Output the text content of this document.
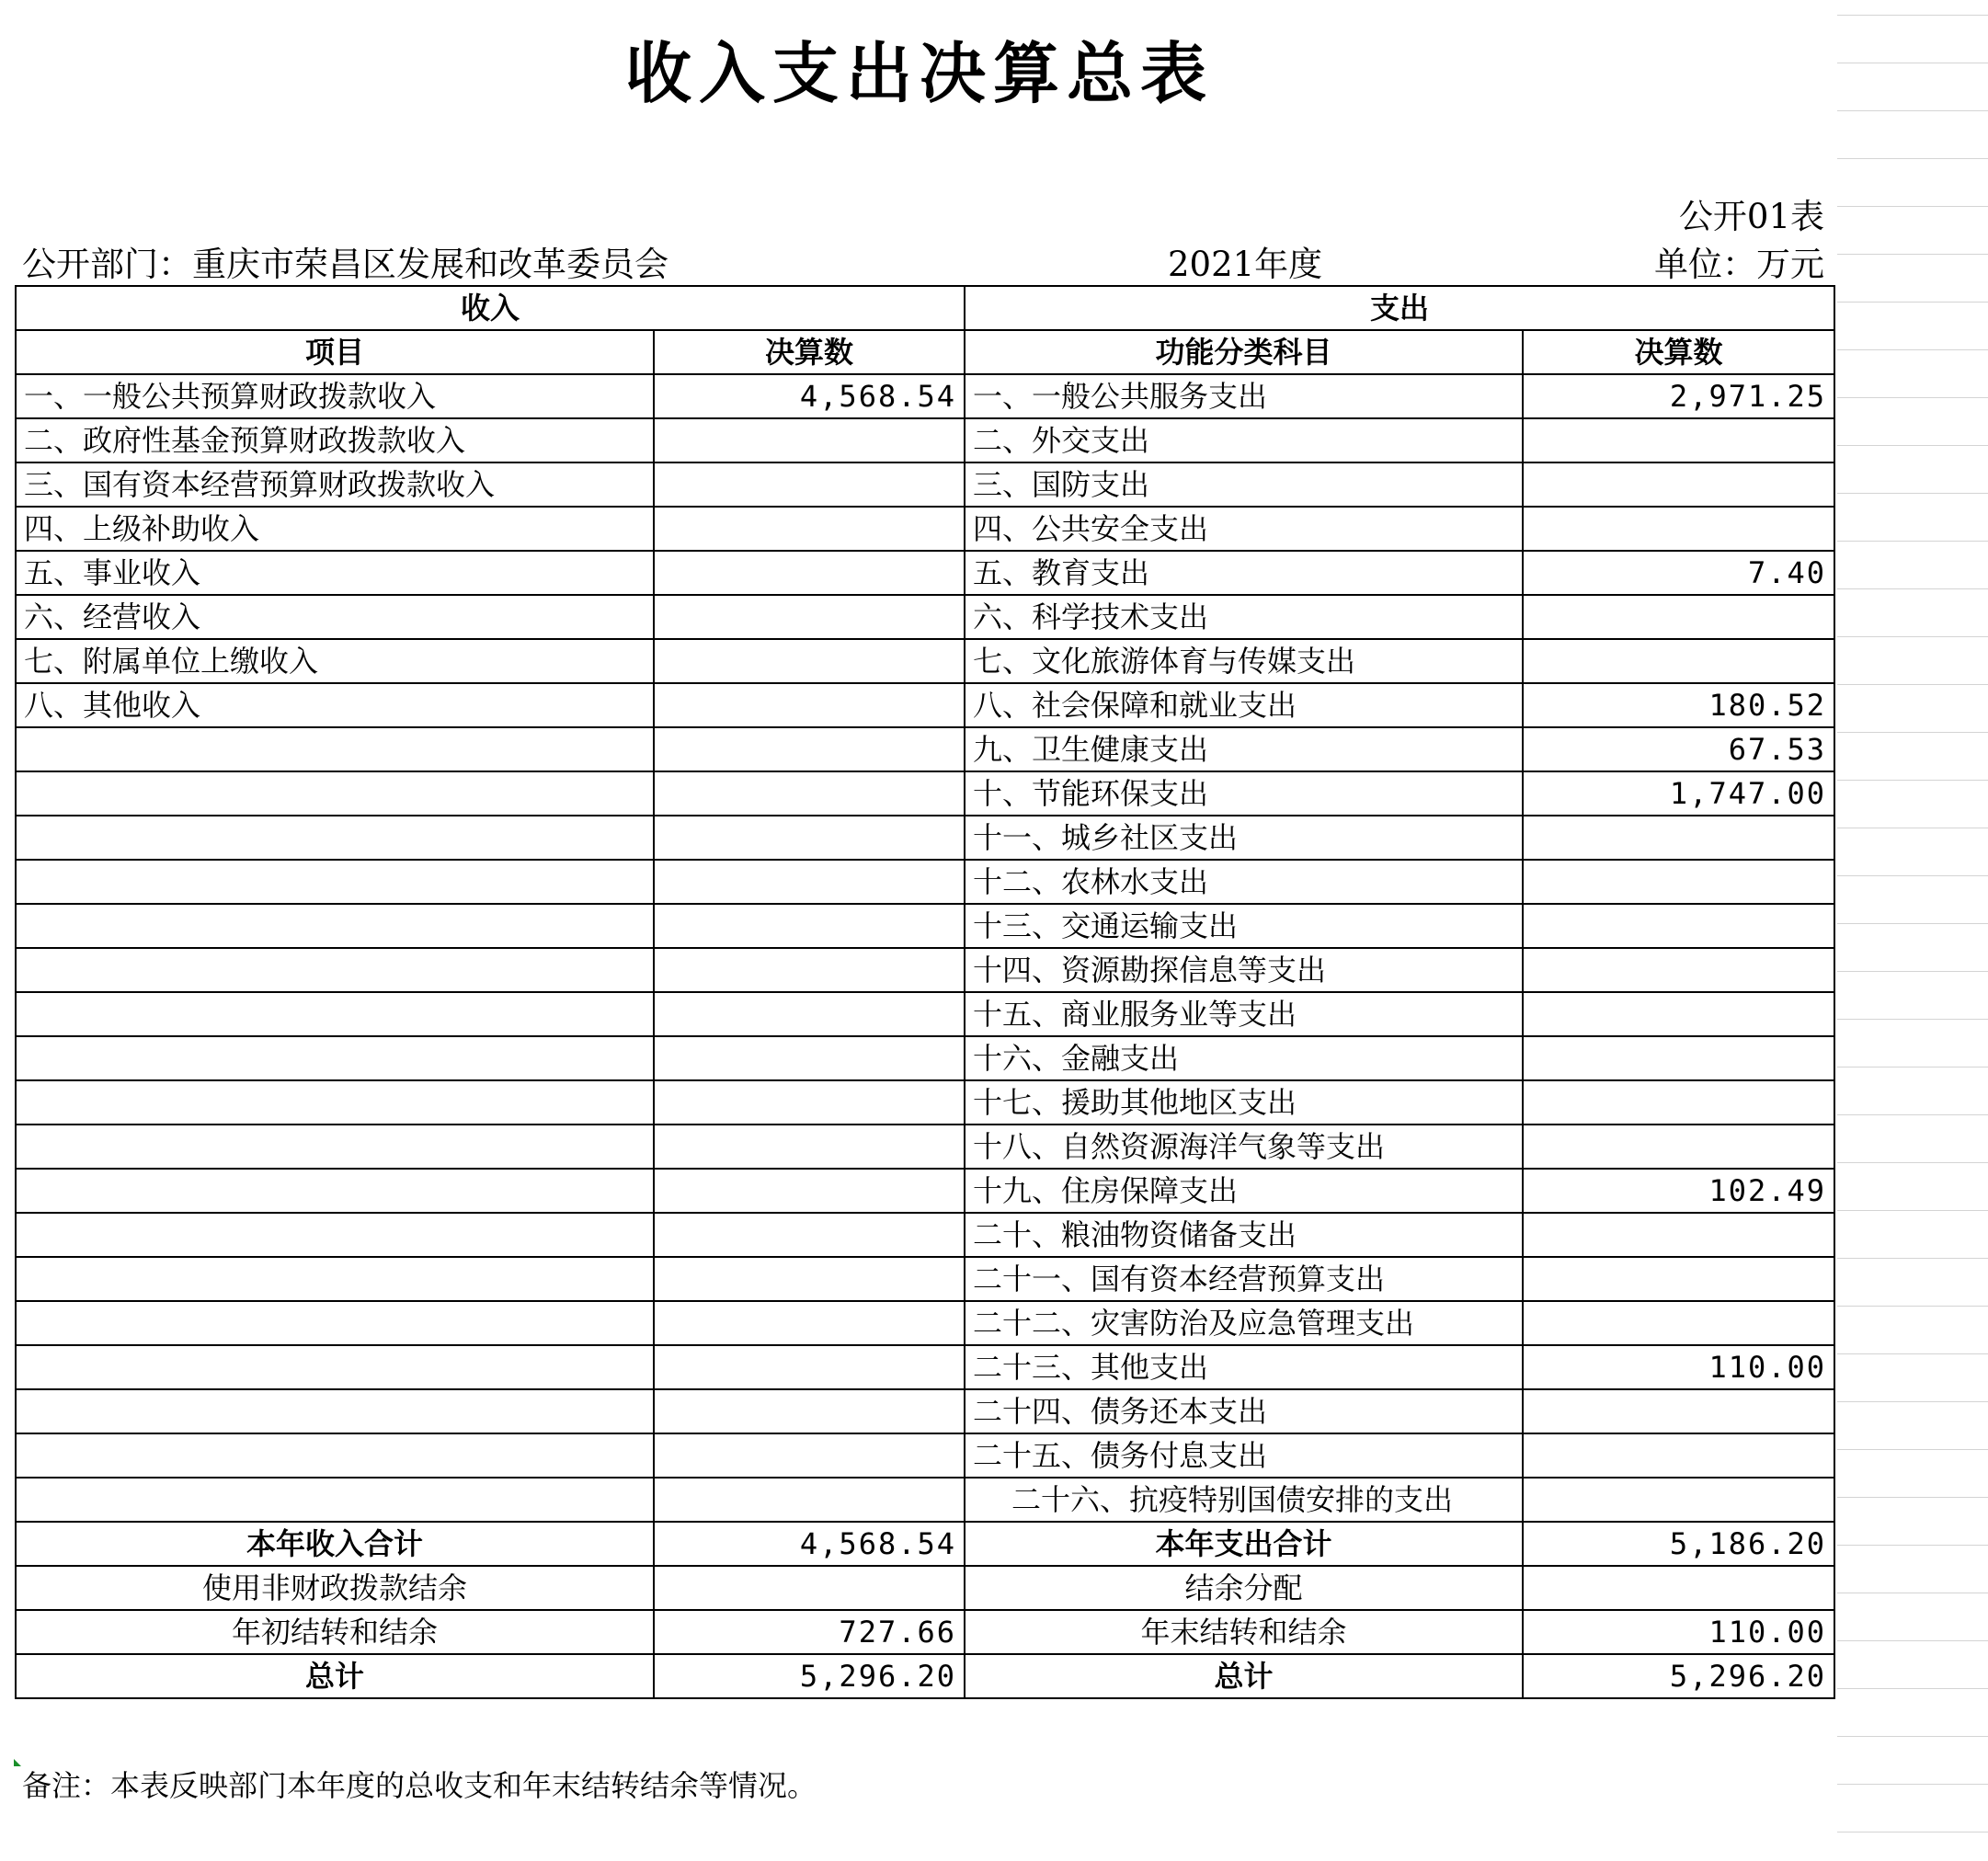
收入支出决算总表
公开01表
公开部门：重庆市荣昌区发展和改革委员会	2021年度	单位：万元
收入		支出	
项目	决算数	功能分类科目	决算数
一、一般公共预算财政拨款收入	4,568.54	一、一般公共服务支出	2,971.25
二、政府性基金预算财政拨款收入		二、外交支出	
三、国有资本经营预算财政拨款收入		三、国防支出	
四、上级补助收入		四、公共安全支出	
五、事业收入		五、教育支出	7.40
六、经营收入		六、科学技术支出	
七、附属单位上缴收入		七、文化旅游体育与传媒支出	
八、其他收入		八、社会保障和就业支出	180.52
		九、卫生健康支出	67.53
		十、节能环保支出	1,747.00
		十一、城乡社区支出	
		十二、农林水支出	
		十三、交通运输支出	
		十四、资源勘探信息等支出	
		十五、商业服务业等支出	
		十六、金融支出	
		十七、援助其他地区支出	
		十八、自然资源海洋气象等支出	
		十九、住房保障支出	102.49
		二十、粮油物资储备支出	
		二十一、国有资本经营预算支出	
		二十二、灾害防治及应急管理支出	
		二十三、其他支出	110.00
		二十四、债务还本支出	
		二十五、债务付息支出	
		二十六、抗疫特别国债安排的支出	
本年收入合计	4,568.54	本年支出合计	5,186.20
使用非财政拨款结余		结余分配	
年初结转和结余	727.66	年末结转和结余	110.00
总计	5,296.20	总计	5,296.20
备注：本表反映部门本年度的总收支和年末结转结余等情况。
